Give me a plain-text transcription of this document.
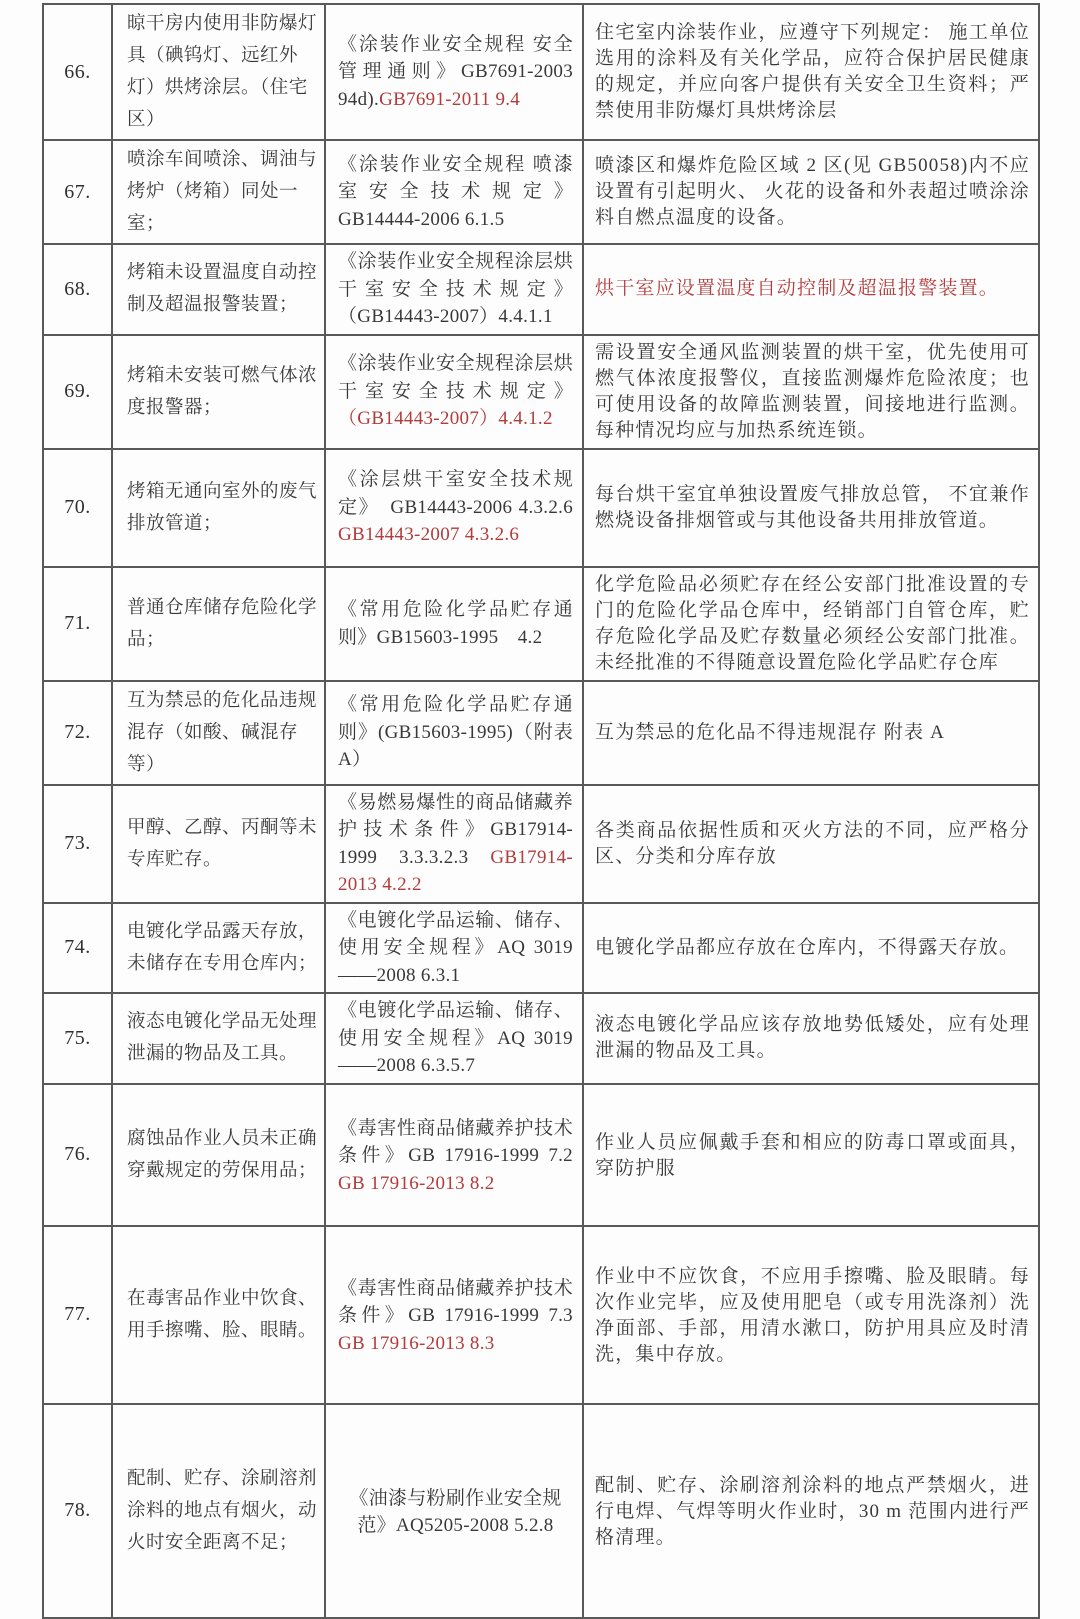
66.	晾干房内使用非防爆灯具（碘钨灯、远红外灯）烘烤涂层。（住宅区）	《涂装作业安全规程 安全管理通则》GB7691-2003 94d).GB7691-2011 9.4	住宅室内涂装作业，应遵守下列规定： 施工单位选用的涂料及有关化学品，应符合保护居民健康的规定，并应向客户提供有关安全卫生资料；严禁使用非防爆灯具烘烤涂层
67.	喷涂车间喷涂、调油与烤炉（烤箱）同处一室；	《涂装作业安全规程 喷漆室安全技术规定》GB14444-2006 6.1.5	喷漆区和爆炸危险区域 2 区(见 GB50058)内不应设置有引起明火、 火花的设备和外表超过喷涂涂料自燃点温度的设备。
68.	烤箱未设置温度自动控制及超温报警装置；	《涂装作业安全规程涂层烘干室安全技术规定》（GB14443-2007）4.4.1.1	烘干室应设置温度自动控制及超温报警装置。
69.	烤箱未安装可燃气体浓度报警器；	《涂装作业安全规程涂层烘干室安全技术规定》（GB14443-2007）4.4.1.2	需设置安全通风监测装置的烘干室，优先使用可燃气体浓度报警仪，直接监测爆炸危险浓度；也可使用设备的故障监测装置，间接地进行监测。每种情况均应与加热系统连锁。
70.	烤箱无通向室外的废气排放管道；	《涂层烘干室安全技术规定》　GB14443-2006 4.3.2.6 GB14443-2007 4.3.2.6	每台烘干室宜单独设置废气排放总管， 不宜兼作燃烧设备排烟管或与其他设备共用排放管道。
71.	普通仓库储存危险化学品；	《常用危险化学品贮存通则》GB15603-1995　4.2	化学危险品必须贮存在经公安部门批准设置的专门的危险化学品仓库中，经销部门自管仓库，贮存危险化学品及贮存数量必须经公安部门批准。未经批准的不得随意设置危险化学品贮存仓库
72.	互为禁忌的危化品违规混存（如酸、碱混存等）	《常用危险化学品贮存通则》(GB15603-1995)（附表 A）	互为禁忌的危化品不得违规混存 附表 A
73.	甲醇、乙醇、丙酮等未专库贮存。	《易燃易爆性的商品储藏养护技术条件》GB17914-1999 3.3.3.2.3 GB17914-2013 4.2.2	各类商品依据性质和灭火方法的不同，应严格分区、分类和分库存放
74.	电镀化学品露天存放，未储存在专用仓库内；	《电镀化学品运输、储存、使用安全规程》AQ 3019——2008 6.3.1	电镀化学品都应存放在仓库内，不得露天存放。
75.	液态电镀化学品无处理泄漏的物品及工具。	《电镀化学品运输、储存、使用安全规程》AQ 3019——2008 6.3.5.7	液态电镀化学品应该存放地势低矮处，应有处理泄漏的物品及工具。
76.	腐蚀品作业人员未正确穿戴规定的劳保用品；	《毒害性商品储藏养护技术条件》GB 17916-1999 7.2 GB 17916-2013 8.2	作业人员应佩戴手套和相应的防毒口罩或面具，穿防护服
77.	在毒害品作业中饮食、用手擦嘴、脸、眼睛。	《毒害性商品储藏养护技术条件》GB 17916-1999 7.3 GB 17916-2013 8.3	作业中不应饮食，不应用手擦嘴、脸及眼睛。每次作业完毕，应及使用肥皂（或专用洗涤剂）洗净面部、手部，用清水漱口，防护用具应及时清洗，集中存放。
78.	配制、贮存、涂刷溶剂涂料的地点有烟火，动火时安全距离不足；	《油漆与粉刷作业安全规范》AQ5205-2008 5.2.8	配制、贮存、涂刷溶剂涂料的地点严禁烟火，进行电焊、气焊等明火作业时，30 m 范围内进行严格清理。
